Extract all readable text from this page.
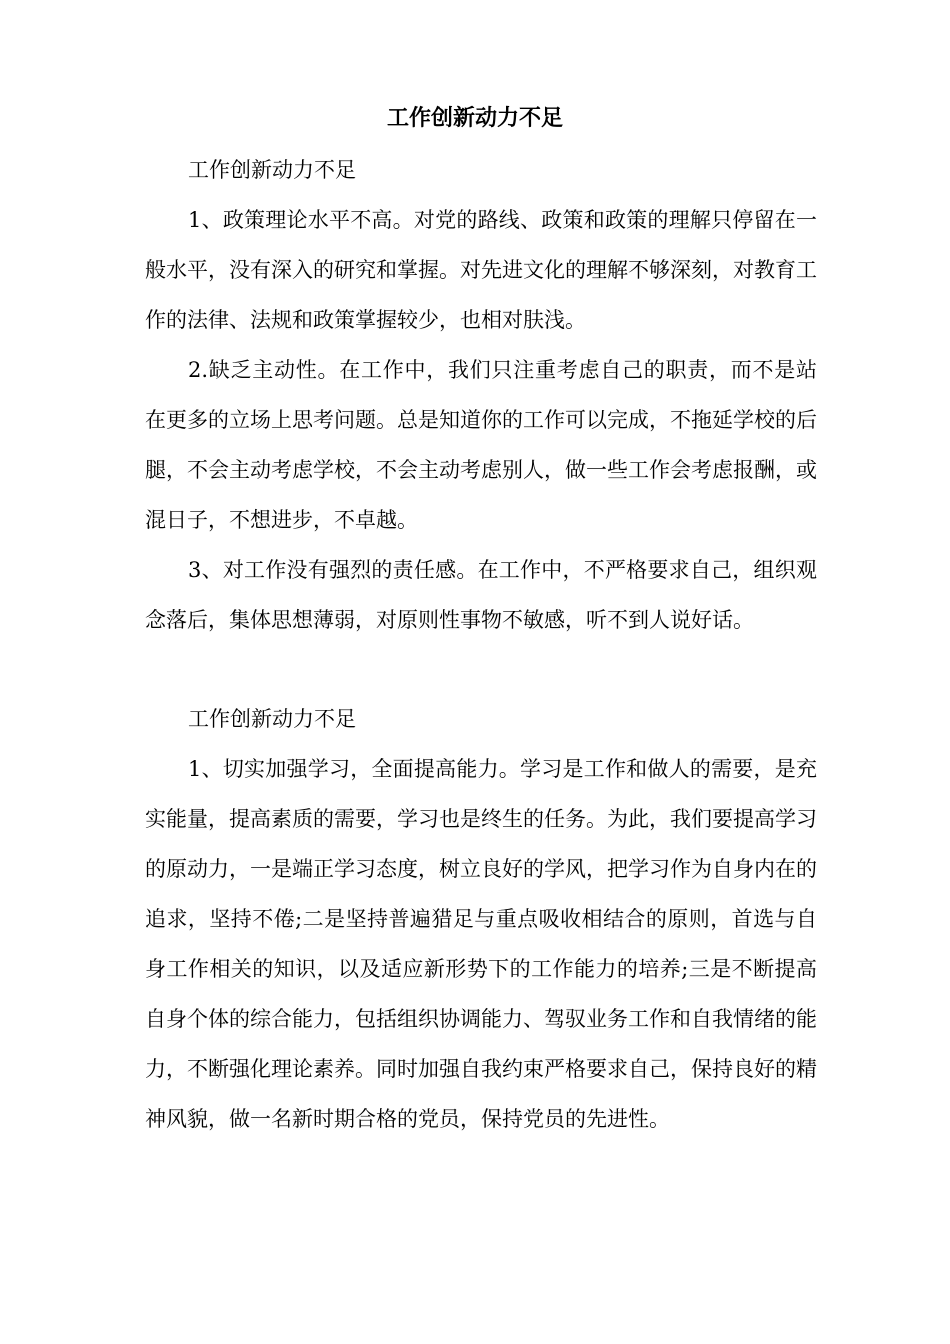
工作创新动力不足

工作创新动力不足

1、政策理论水平不高。对党的路线、政策和政策的理解只停留在一般水平，没有深入的研究和掌握。对先进文化的理解不够深刻，对教育工作的法律、法规和政策掌握较少，也相对肤浅。

2.缺乏主动性。在工作中，我们只注重考虑自己的职责，而不是站在更多的立场上思考问题。总是知道你的工作可以完成，不拖延学校的后腿，不会主动考虑学校，不会主动考虑别人，做一些工作会考虑报酬，或混日子，不想进步，不卓越。

3、对工作没有强烈的责任感。在工作中，不严格要求自己，组织观念落后，集体思想薄弱，对原则性事物不敏感，听不到人说好话。

工作创新动力不足

1、切实加强学习，全面提高能力。学习是工作和做人的需要，是充实能量，提高素质的需要，学习也是终生的任务。为此，我们要提高学习的原动力，一是端正学习态度，树立良好的学风，把学习作为自身内在的追求，坚持不倦;二是坚持普遍猎足与重点吸收相结合的原则，首选与自身工作相关的知识，以及适应新形势下的工作能力的培养;三是不断提高自身个体的综合能力，包括组织协调能力、驾驭业务工作和自我情绪的能力，不断强化理论素养。同时加强自我约束严格要求自己，保持良好的精神风貌，做一名新时期合格的党员，保持党员的先进性。
